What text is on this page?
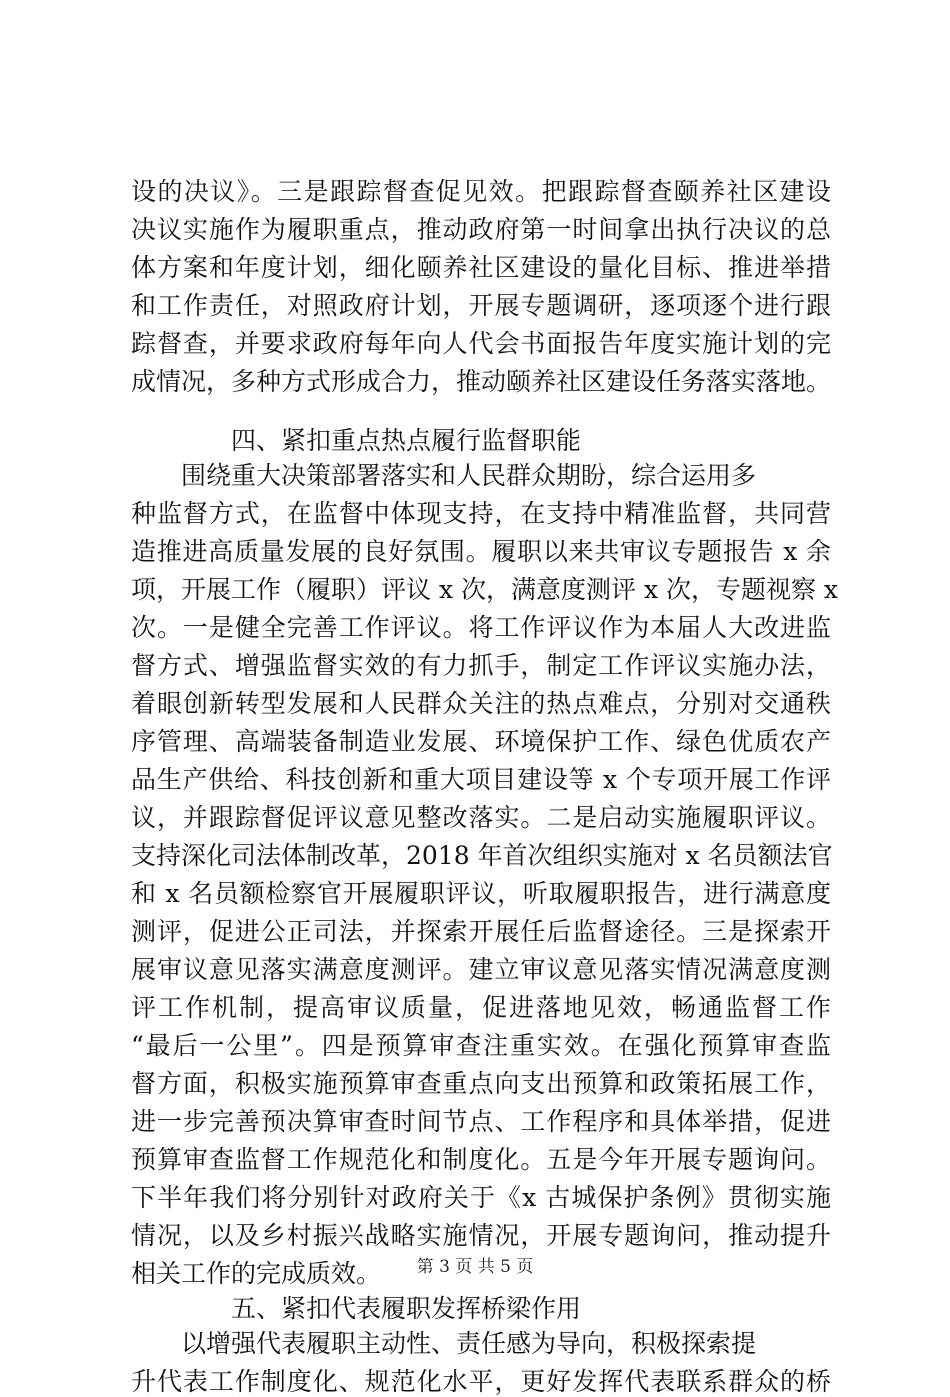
第 3 页 共 5 页
设的决议》。三是跟踪督查促见效。把跟踪督查颐养社区建设
决议实施作为履职重点，推动政府第一时间拿出执行决议的总
体方案和年度计划，细化颐养社区建设的量化目标、推进举措
和工作责任，对照政府计划，开展专题调研，逐项逐个进行跟
踪督查，并要求政府每年向人代会书面报告年度实施计划的完
成情况，多种方式形成合力，推动颐养社区建设任务落实落地。
四、紧扣重点热点履行监督职能
　　围绕重大决策部署落实和人民群众期盼，综合运用多
种监督方式，在监督中体现支持，在支持中精准监督，共同营
造推进高质量发展的良好氛围。履职以来共审议专题报告 x 余
项，开展工作（履职）评议 x 次，满意度测评 x 次，专题视察 x
次。一是健全完善工作评议。将工作评议作为本届人大改进监
督方式、增强监督实效的有力抓手，制定工作评议实施办法，
着眼创新转型发展和人民群众关注的热点难点，分别对交通秩
序管理、高端装备制造业发展、环境保护工作、绿色优质农产
品生产供给、科技创新和重大项目建设等 x 个专项开展工作评
议，并跟踪督促评议意见整改落实。二是启动实施履职评议。
支持深化司法体制改革，2018 年首次组织实施对 x 名员额法官
和 x 名员额检察官开展履职评议，听取履职报告，进行满意度
测评，促进公正司法，并探索开展任后监督途径。三是探索开
展审议意见落实满意度测评。建立审议意见落实情况满意度测
评工作机制，提高审议质量，促进落地见效，畅通监督工作
“最后一公里”。四是预算审查注重实效。在强化预算审查监
督方面，积极实施预算审查重点向支出预算和政策拓展工作，
进一步完善预决算审查时间节点、工作程序和具体举措，促进
预算审查监督工作规范化和制度化。五是今年开展专题询问。
下半年我们将分别针对政府关于《x 古城保护条例》贯彻实施
情况，以及乡村振兴战略实施情况，开展专题询问，推动提升
相关工作的完成质效。
五、紧扣代表履职发挥桥梁作用
　　以增强代表履职主动性、责任感为导向，积极探索提
升代表工作制度化、规范化水平，更好发挥代表联系群众的桥
